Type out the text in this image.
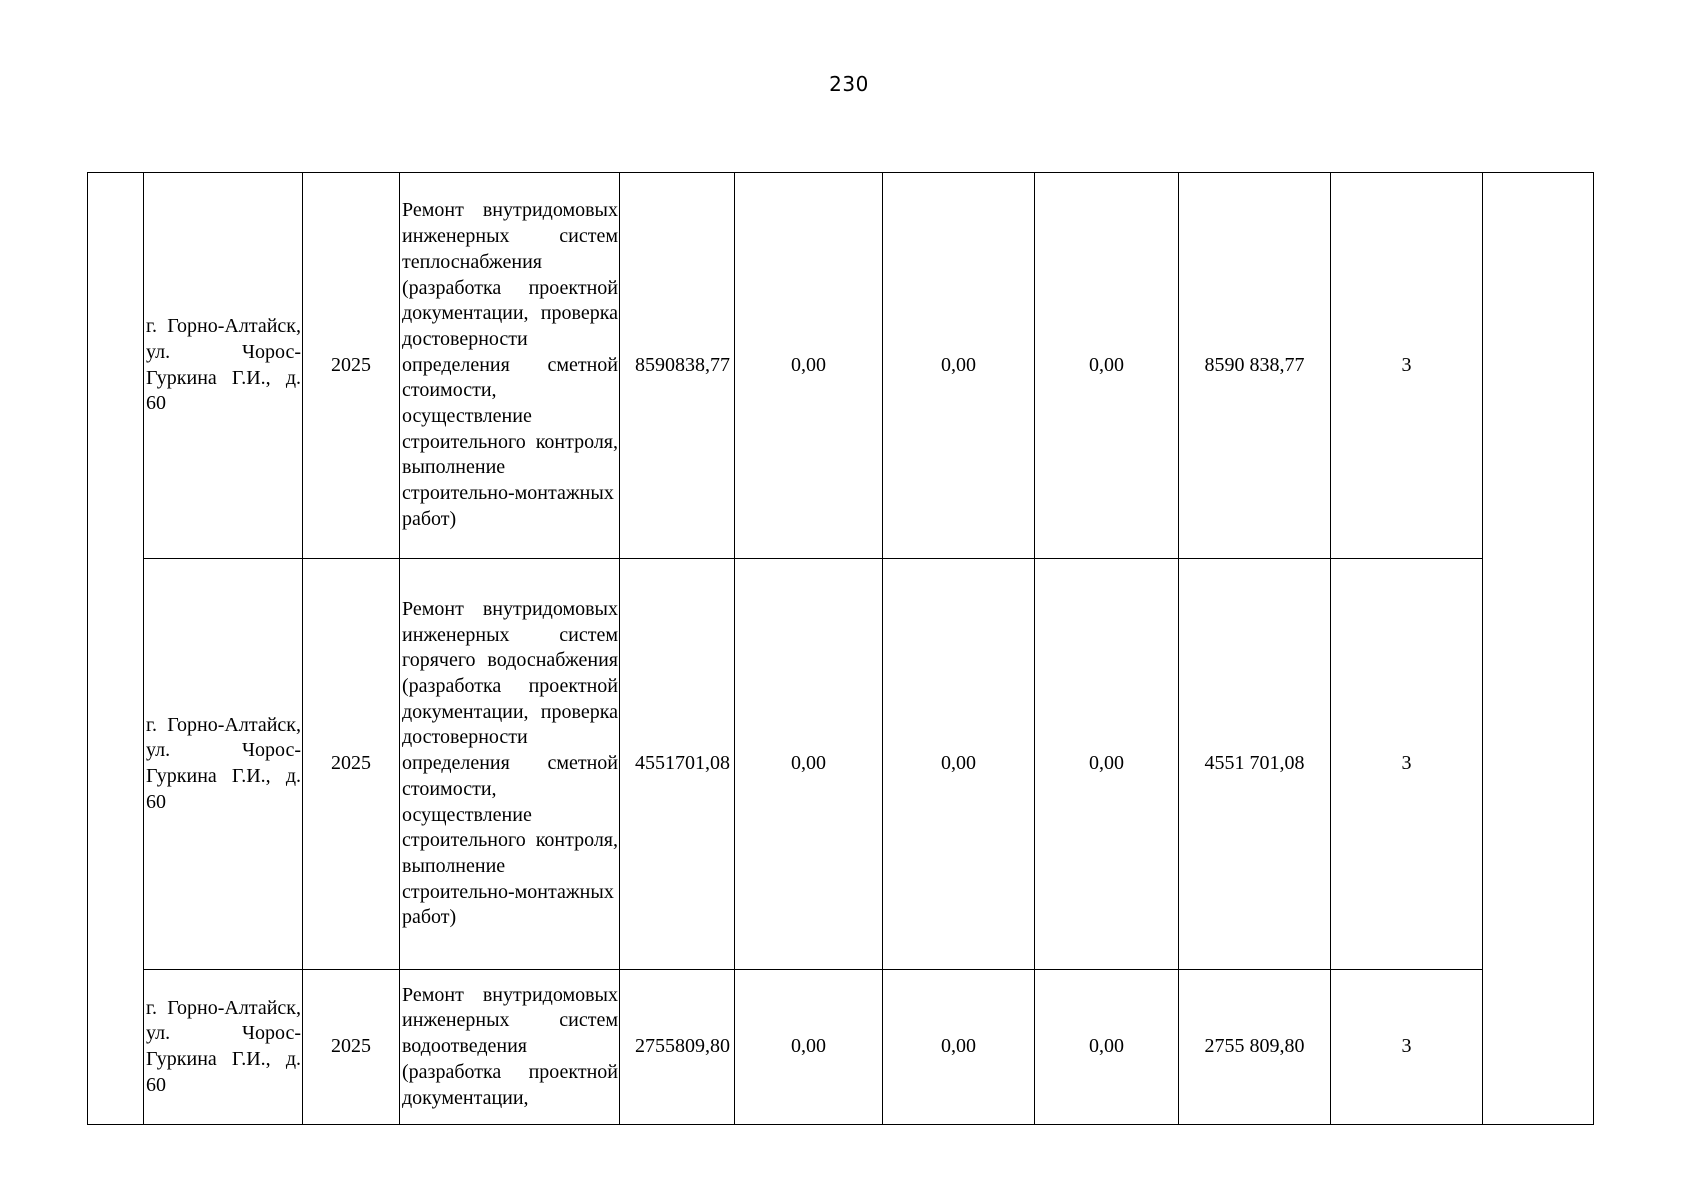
230
	г. Горно-Алтайск, ул. Чорос-Гуркина Г.И., д. 60	2025	Ремонт внутридомовых инженерных систем теплоснабжения (разработка проектной документации, проверка достоверности определения сметной стоимости, осуществление строительного контроля, выполнение строительно-монтажных работ)	8590838,77	0,00	0,00	0,00	8590 838,77	3	
	г. Горно-Алтайск, ул. Чорос-Гуркина Г.И., д. 60	2025	Ремонт внутридомовых инженерных систем горячего водоснабжения (разработка проектной документации, проверка достоверности определения сметной стоимости, осуществление строительного контроля, выполнение строительно-монтажных работ)	4551701,08	0,00	0,00	0,00	4551 701,08	3	
	г. Горно-Алтайск, ул. Чорос-Гуркина Г.И., д. 60	2025	Ремонт внутридомовых инженерных систем водоотведения (разработка проектной документации,	2755809,80	0,00	0,00	0,00	2755 809,80	3	
